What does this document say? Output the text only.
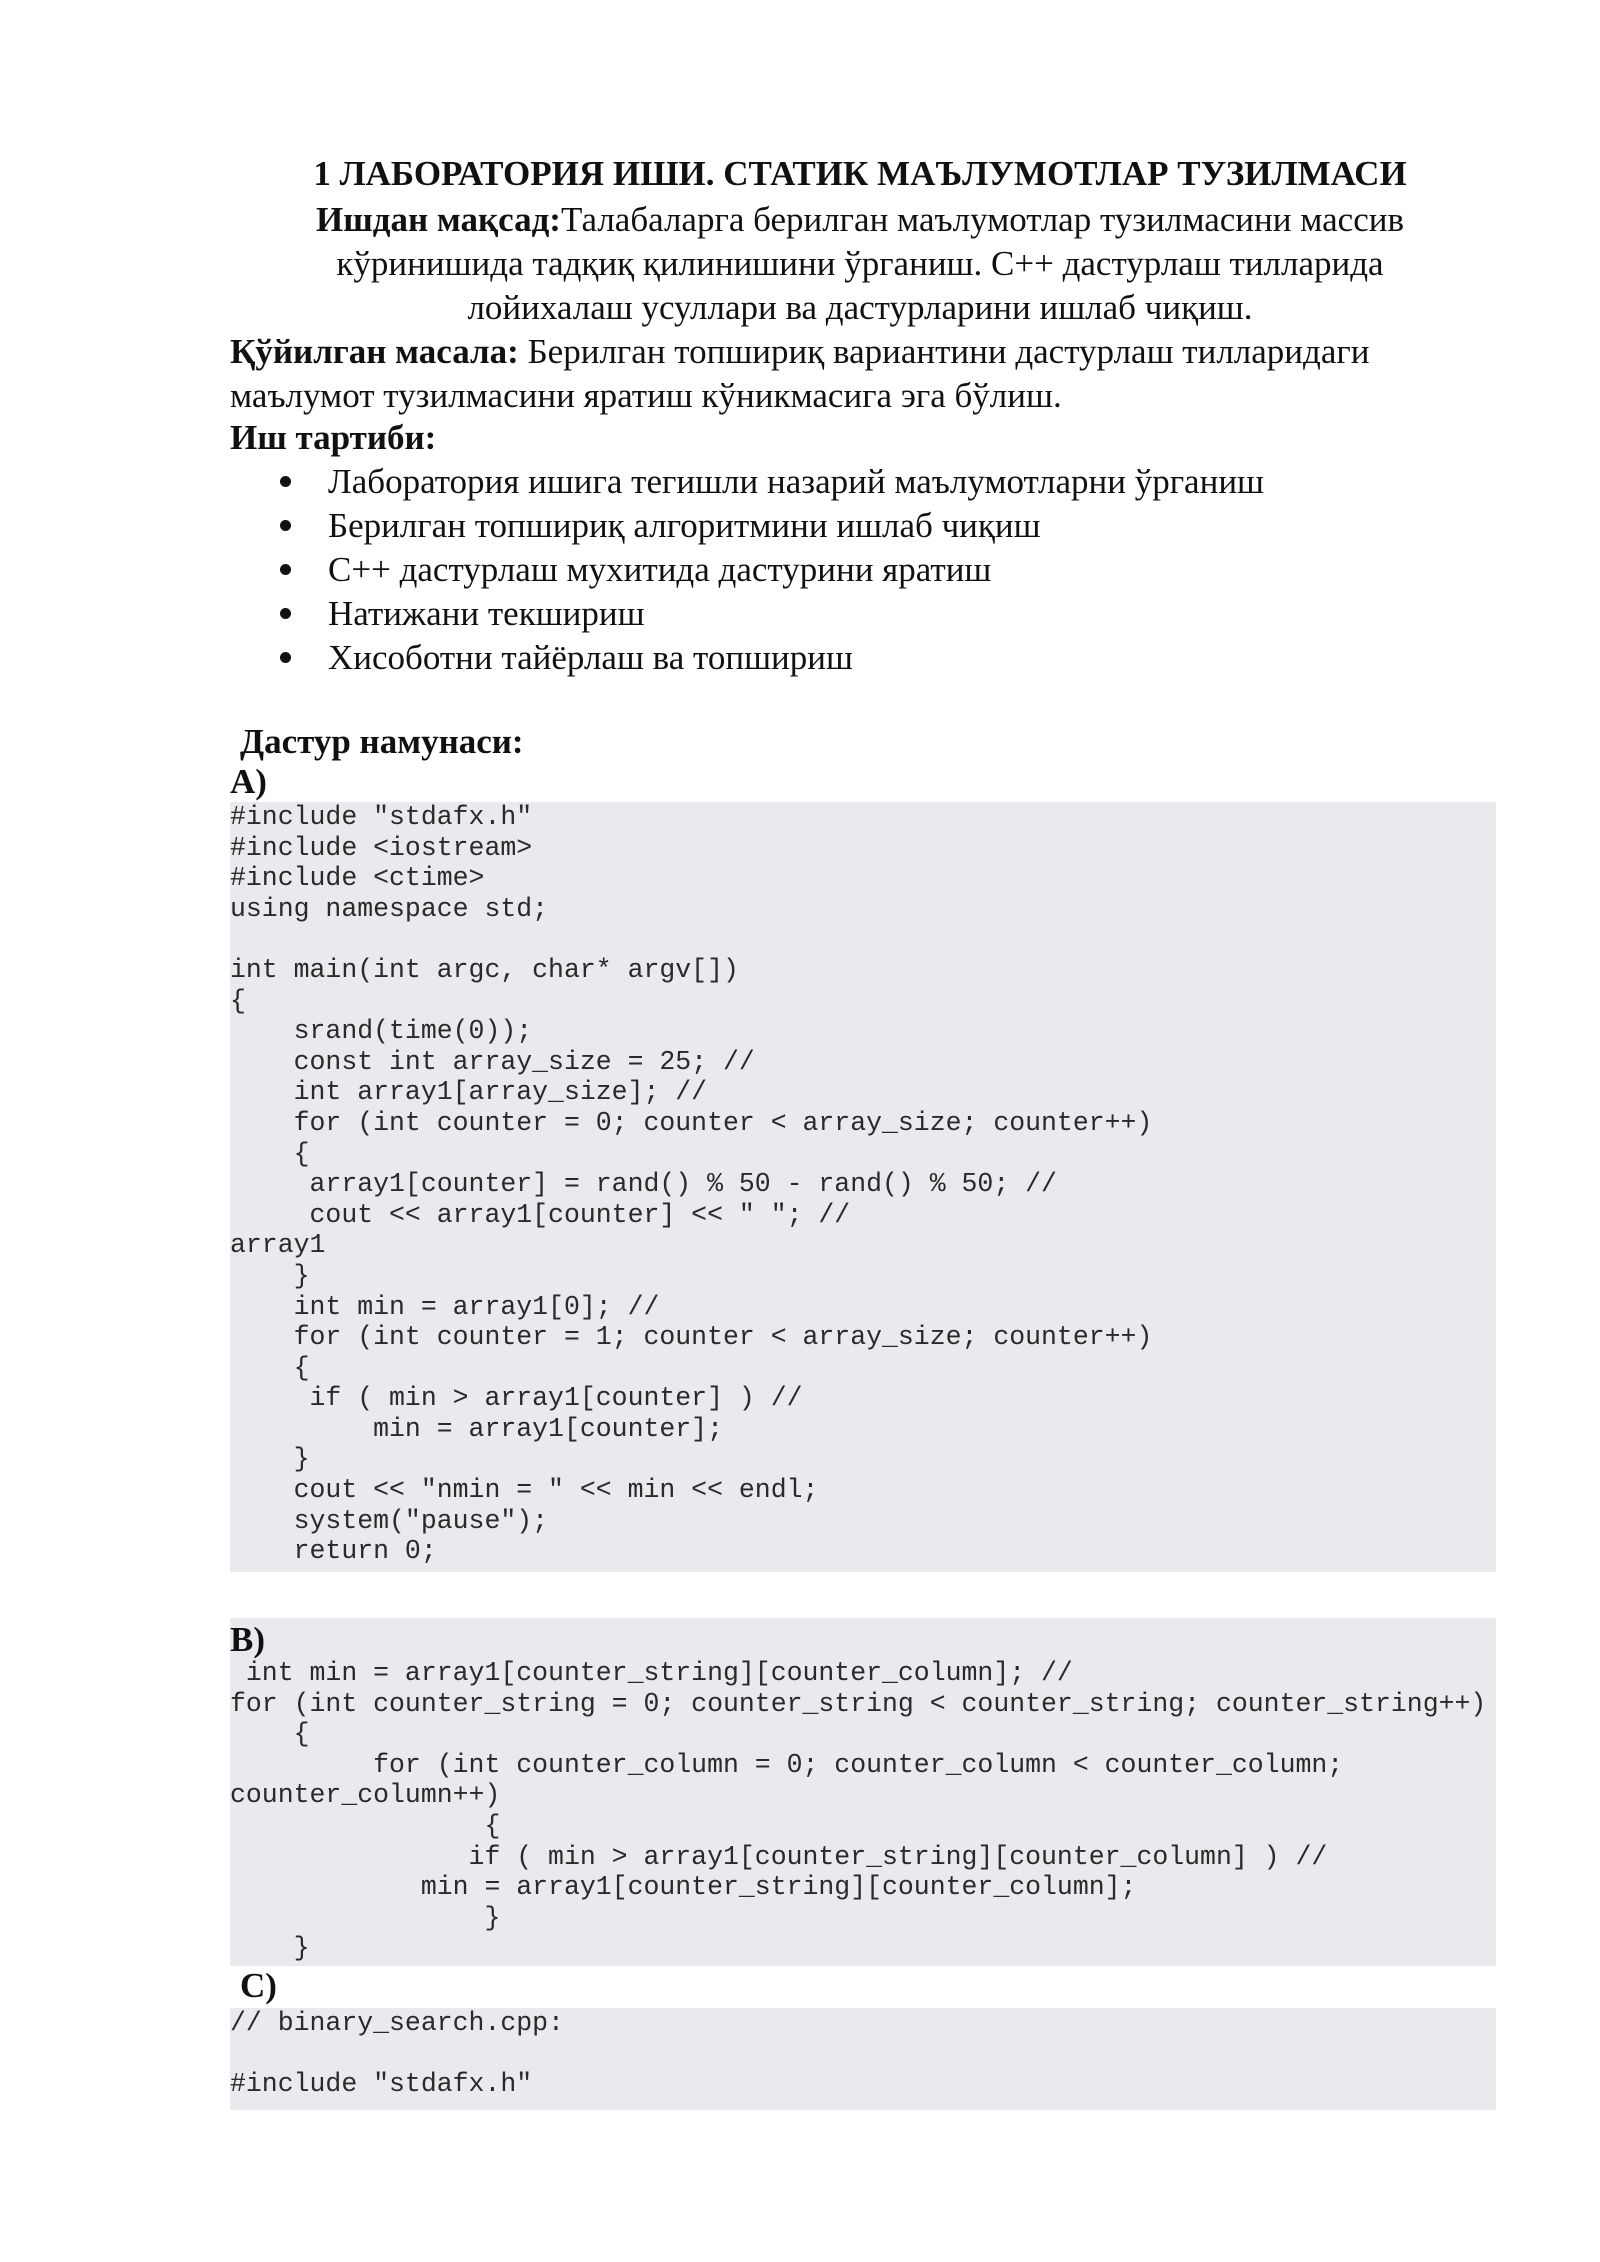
1 ЛАБОРАТОРИЯ ИШИ. СТАТИК МАЪЛУМОТЛАР ТУЗИЛМАСИ
Ишдан мақсад:Талабаларга берилган маълумотлар тузилмасини массив
кўринишида тадқиқ қилинишини ўрганиш. С++ дастурлаш тилларида
лойихалаш усуллари ва дастурларини ишлаб чиқиш.
Қўйилган масала: Берилган топшириқ вариантини дастурлаш тилларидаги
маълумот тузилмасини яратиш кўникмасига эга бўлиш.
Иш тартиби:
Лаборатория ишига тегишли назарий маълумотларни ўрганиш
Берилган топшириқ алгоритмини ишлаб чиқиш
С++ дастурлаш мухитида дастурини яратиш
Натижани текшириш
Хисоботни тайёрлаш ва топшириш
Дастур намунаси:
A)
#include "stdafx.h"
#include <iostream>
#include <ctime>
using namespace std;

int main(int argc, char* argv[])
{
srand(time(0));
const int array_size = 25; //
int array1[array_size]; //
for (int counter = 0; counter < array_size; counter++)
{
array1[counter] = rand() % 50 - rand() % 50; //
cout << array1[counter] << " "; //
array1
}
int min = array1[0]; //
for (int counter = 1; counter < array_size; counter++)
{
if ( min > array1[counter] ) //
min = array1[counter];
}
cout << "nmin = " << min << endl;
system("pause");
return 0;
B)
int min = array1[counter_string][counter_column]; //
for (int counter_string = 0; counter_string < counter_string; counter_string++)
{
for (int counter_column = 0; counter_column < counter_column;
counter_column++)
{
if ( min > array1[counter_string][counter_column] ) //
min = array1[counter_string][counter_column];
}
}
C)
// binary_search.cpp:

#include "stdafx.h"
